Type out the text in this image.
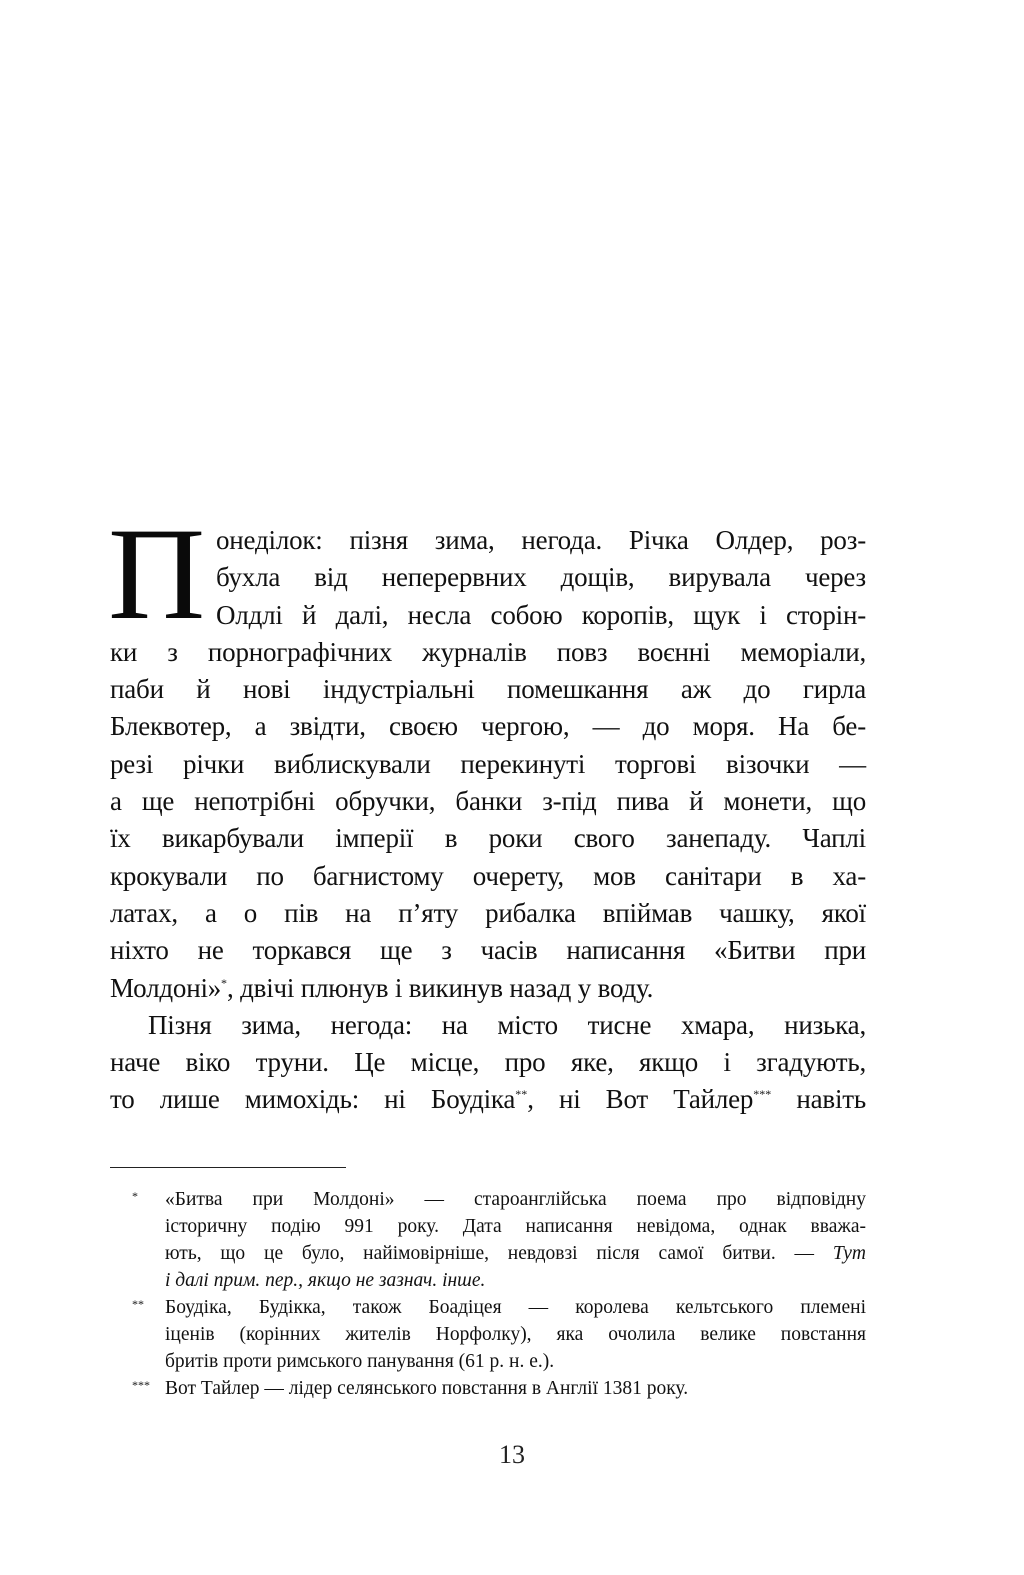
П онеділок: пізня зима, негода. Річка Олдер, роз-
бухла від неперервних дощів, вирувала через
Олдлі й далі, несла собою коропів, щук і сторін-
ки з порнографічних журналів повз воєнні меморіали,
паби й нові індустріальні помешкання аж до гирла
Блеквотер, а звідти, своєю чергою, — до моря. На бе-
резі річки виблискували перекинуті торгові візочки —
а ще непотрібні обручки, банки з-під пива й монети, що
їх викарбували імперії в роки свого занепаду. Чаплі
крокували по багнистому очерету, мов санітари в ха-
латах, а о пів на п’яту рибалка впіймав чашку, якої
ніхто не торкався ще з часів написання «Битви при
Молдоні»*, двічі плюнув і викинув назад у воду.
Пізня зима, негода: на місто тисне хмара, низька,
наче віко труни. Це місце, про яке, якщо і згадують,
то лише мимохідь: ні Боудіка**, ні Вот Тайлер*** навіть
*	«Битва при Молдоні» — староанглійська поема про відповідну
історичну подію 991 року. Дата написання невідома, однак вважа-
ють, що це було, найімовірніше, невдовзі після самої битви. — Тут
і далі прим. пер., якщо не зазнач. інше.
**	Боудіка, Будікка, також Боадіцея — королева кельтського племені
іценів (корінних жителів Норфолку), яка очолила велике повстання
бритів проти римського панування (61 р. н. е.).
*** Вот Тайлер — лідер селянського повстання в Англії 1381 року.
13
